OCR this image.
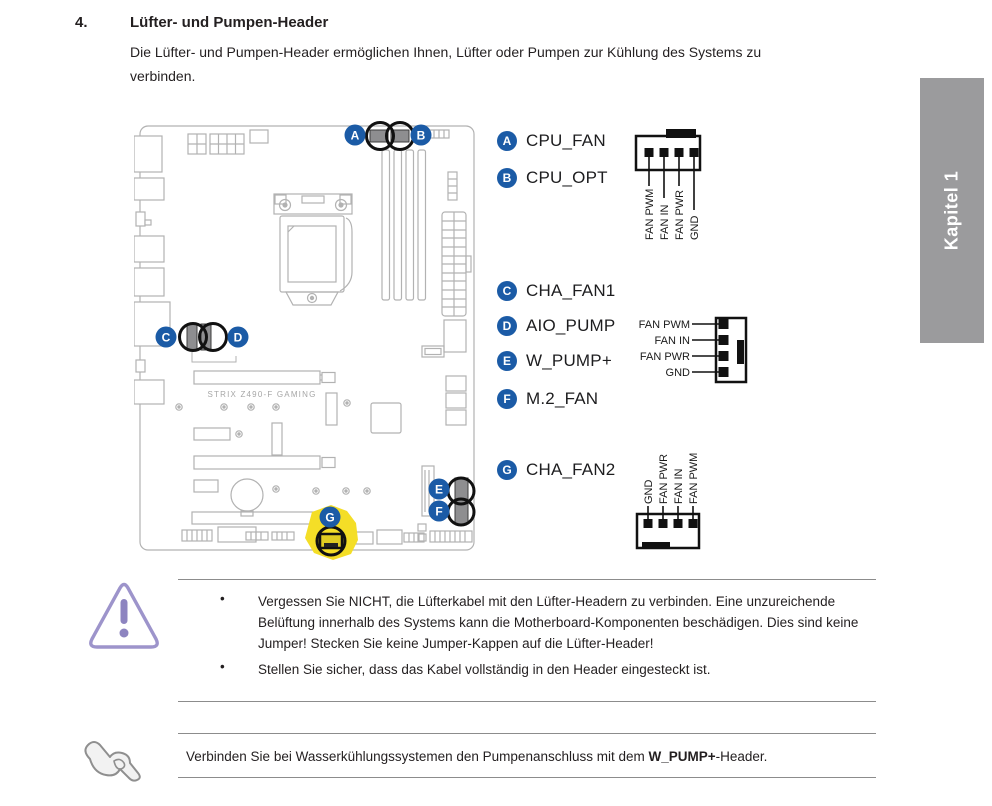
4.	Lüfter- und Pumpen-Header
Die Lüfter- und Pumpen-Header ermöglichen Ihnen, Lüfter oder Pumpen zur Kühlung des Systems zu verbinden.
STRIX Z490-F GAMING
A	B
C	D
E
F
G
A CPU_FAN
B CPU_OPT
C CHA_FAN1
D AIO_PUMP
E W_PUMP+
F M.2_FAN
G CHA_FAN2
FAN PWM FAN IN FAN PWR GND
FAN PWM
FAN IN
FAN PWR
GND
GND FAN PWR FAN IN FAN PWM
• Vergessen Sie NICHT, die Lüfterkabel mit den Lüfter-Headern zu verbinden. Eine unzureichende Belüftung innerhalb des Systems kann die Motherboard-Komponenten beschädigen. Dies sind keine Jumper! Stecken Sie keine Jumper-Kappen auf die Lüfter-Header!
• Stellen Sie sicher, dass das Kabel vollständig in den Header eingesteckt ist.
Verbinden Sie bei Wasserkühlungssystemen den Pumpenanschluss mit dem W_PUMP+-Header.
Kapitel 1
